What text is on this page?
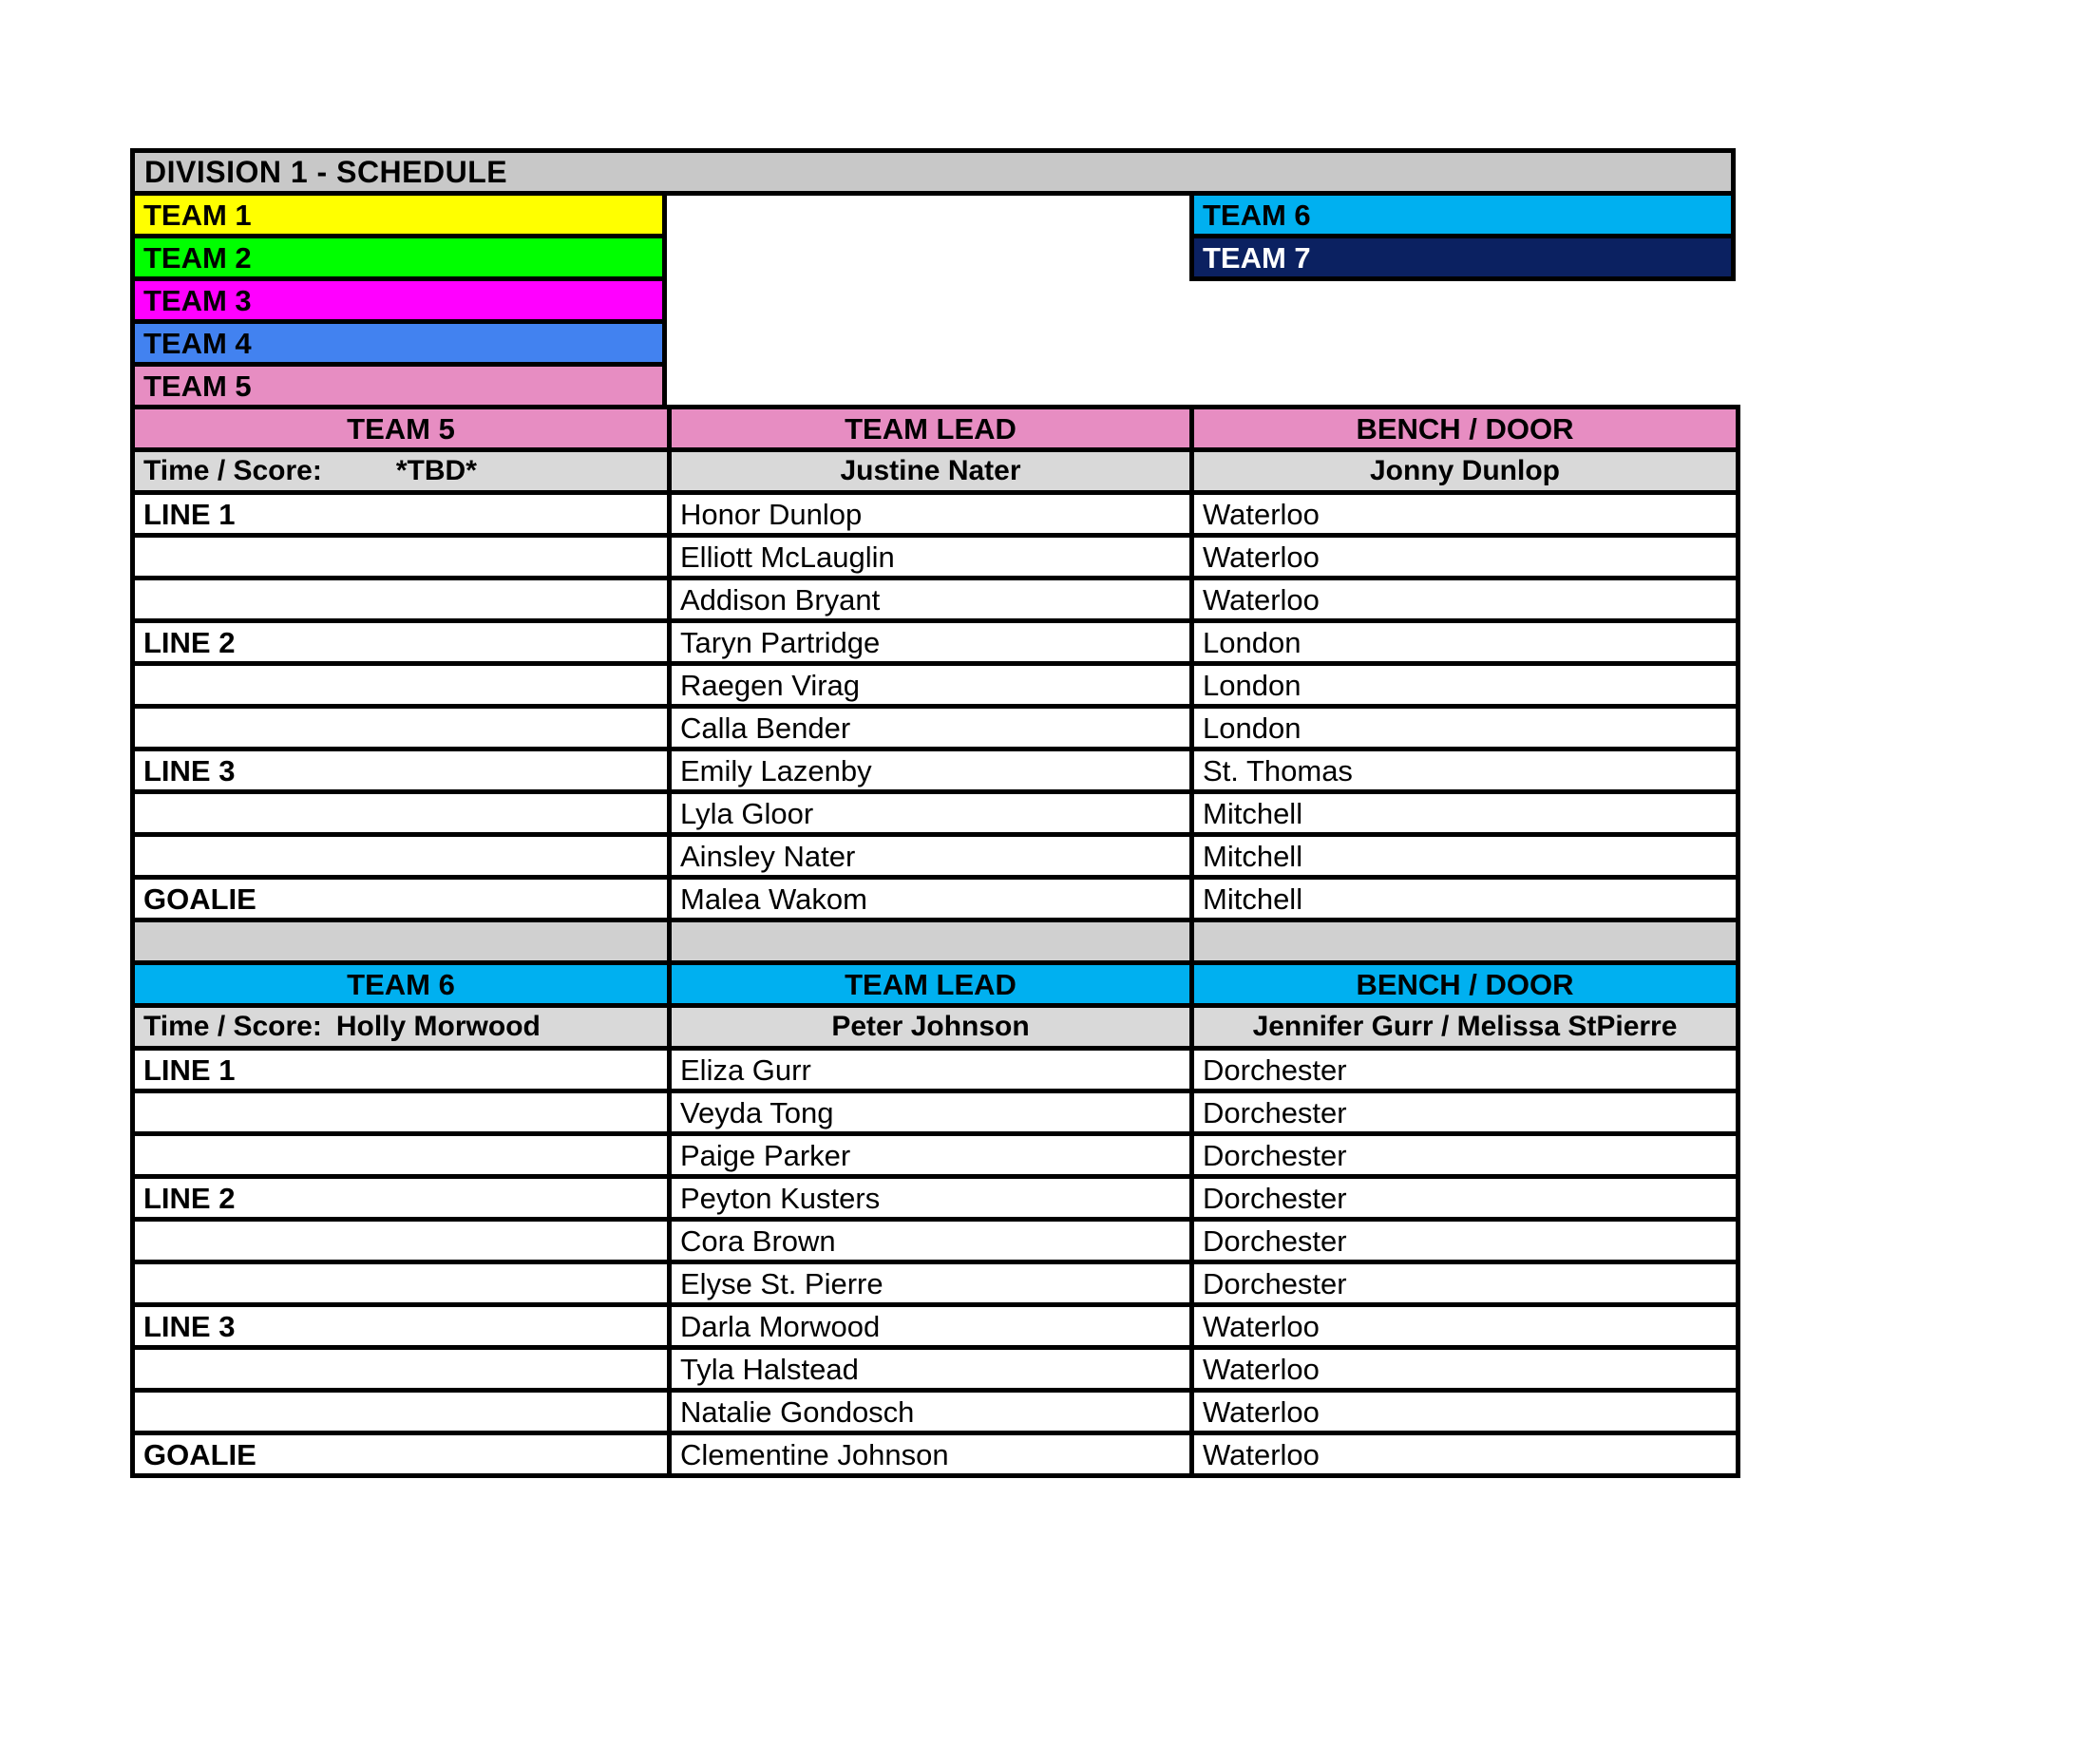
DIVISION 1 - SCHEDULE
TEAM 1
TEAM 2
TEAM 3
TEAM 4
TEAM 5
TEAM 6
TEAM 7
TEAM 5	TEAM LEAD	BENCH / DOOR
Time / Score: *TBD*	Justine Nater	Jonny Dunlop
LINE 1	Honor Dunlop	Waterloo
	Elliott McLauglin	Waterloo
	Addison Bryant	Waterloo
LINE 2	Taryn Partridge	London
	Raegen Virag	London
	Calla Bender	London
LINE 3	Emily Lazenby	St. Thomas
	Lyla Gloor	Mitchell
	Ainsley Nater	Mitchell
GOALIE	Malea Wakom	Mitchell

TEAM 6	TEAM LEAD	BENCH / DOOR
Time / Score: Holly Morwood	Peter Johnson	Jennifer Gurr / Melissa StPierre
LINE 1	Eliza Gurr	Dorchester
	Veyda Tong	Dorchester
	Paige Parker	Dorchester
LINE 2	Peyton Kusters	Dorchester
	Cora Brown	Dorchester
	Elyse St. Pierre	Dorchester
LINE 3	Darla Morwood	Waterloo
	Tyla Halstead	Waterloo
	Natalie Gondosch	Waterloo
GOALIE	Clementine Johnson	Waterloo
